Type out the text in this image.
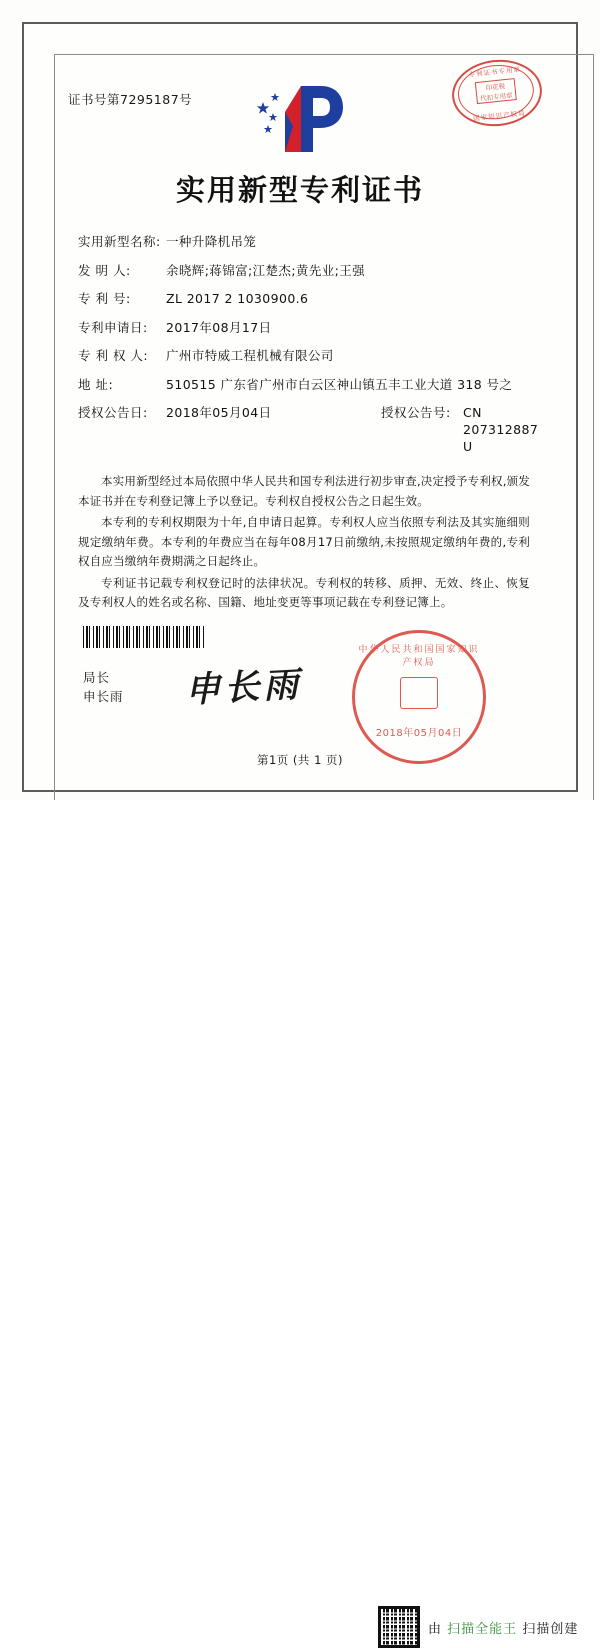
证书号第7295187号
专利证书专用章
印花税
代扣专用章
国家知识产权局
实用新型专利证书
实用新型名称: 一种升降机吊笼
发 明 人:	余晓辉;蒋锦富;江楚杰;黄先业;王强
专 利 号:	ZL 2017 2 1030900.6
专利申请日:	2017年08月17日
专 利 权 人:	广州市特威工程机械有限公司
地 址:	510515 广东省广州市白云区神山镇五丰工业大道 318 号之
授权公告日:	2018年05月04日	授权公告号: CN 207312887 U

本实用新型经过本局依照中华人民共和国专利法进行初步审查,决定授予专利权,颁发本证书并在专利登记簿上予以登记。专利权自授权公告之日起生效。

本专利的专利权期限为十年,自申请日起算。专利权人应当依照专利法及其实施细则规定缴纳年费。本专利的年费应当在每年08月17日前缴纳,未按照规定缴纳年费的,专利权自应当缴纳年费期满之日起终止。

专利证书记载专利权登记时的法律状况。专利权的转移、质押、无效、终止、恢复及专利权人的姓名或名称、国籍、地址变更等事项记载在专利登记簿上。

局长
申长雨 申长雨
中华人民共和国国家知识产权局
2018年05月04日
第1页 (共 1 页)
由 扫描全能王 扫描创建
